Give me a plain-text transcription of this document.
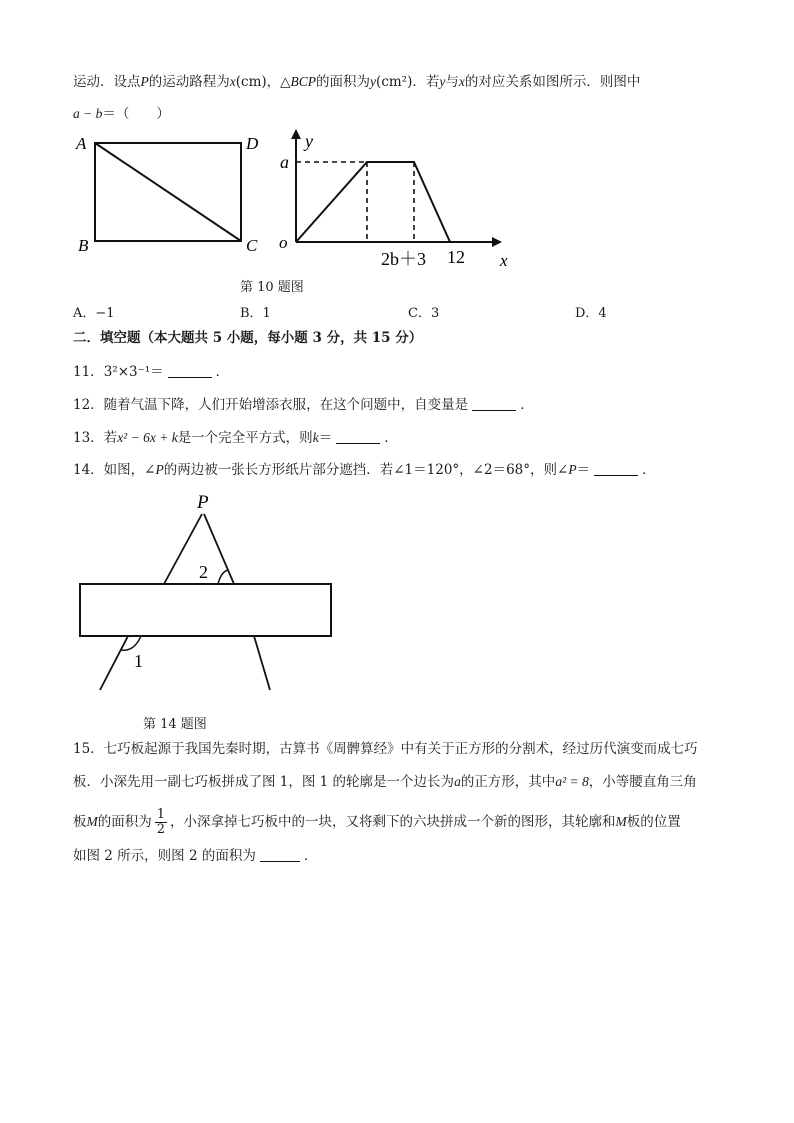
运动．设点P的运动路程为x(cm)，△BCP的面积为y(cm²)．若y与x的对应关系如图所示．则图中
a − b＝（　　）
A	D
B	C
y
a
o
2b＋3 12 x
第 10 题图
A．−1	B．1	C．3	D．4
二．填空题（本大题共 5 小题，每小题 3 分，共 15 分）
11．3²×3⁻¹＝	．
12．随着气温下降，人们开始增添衣服，在这个问题中，自变量是	．
13．若x² − 6x + k是一个完全平方式，则k＝	．
14．如图，∠P的两边被一张长方形纸片部分遮挡．若∠1＝120°，∠2＝68°，则∠P＝	．
P
2
1
第 14 题图
15．七巧板起源于我国先秦时期，古算书《周髀算经》中有关于正方形的分割术，经过历代演变而成七巧
板．小深先用一副七巧板拼成了图 1，图 1 的轮廓是一个边长为a的正方形，其中a² = 8，小等腰直角三角
板M的面积为 $\frac{1}{2}$ ，小深拿掉七巧板中的一块，又将剩下的六块拼成一个新的图形，其轮廓和M板的位置
如图 2 所示，则图 2 的面积为	．
